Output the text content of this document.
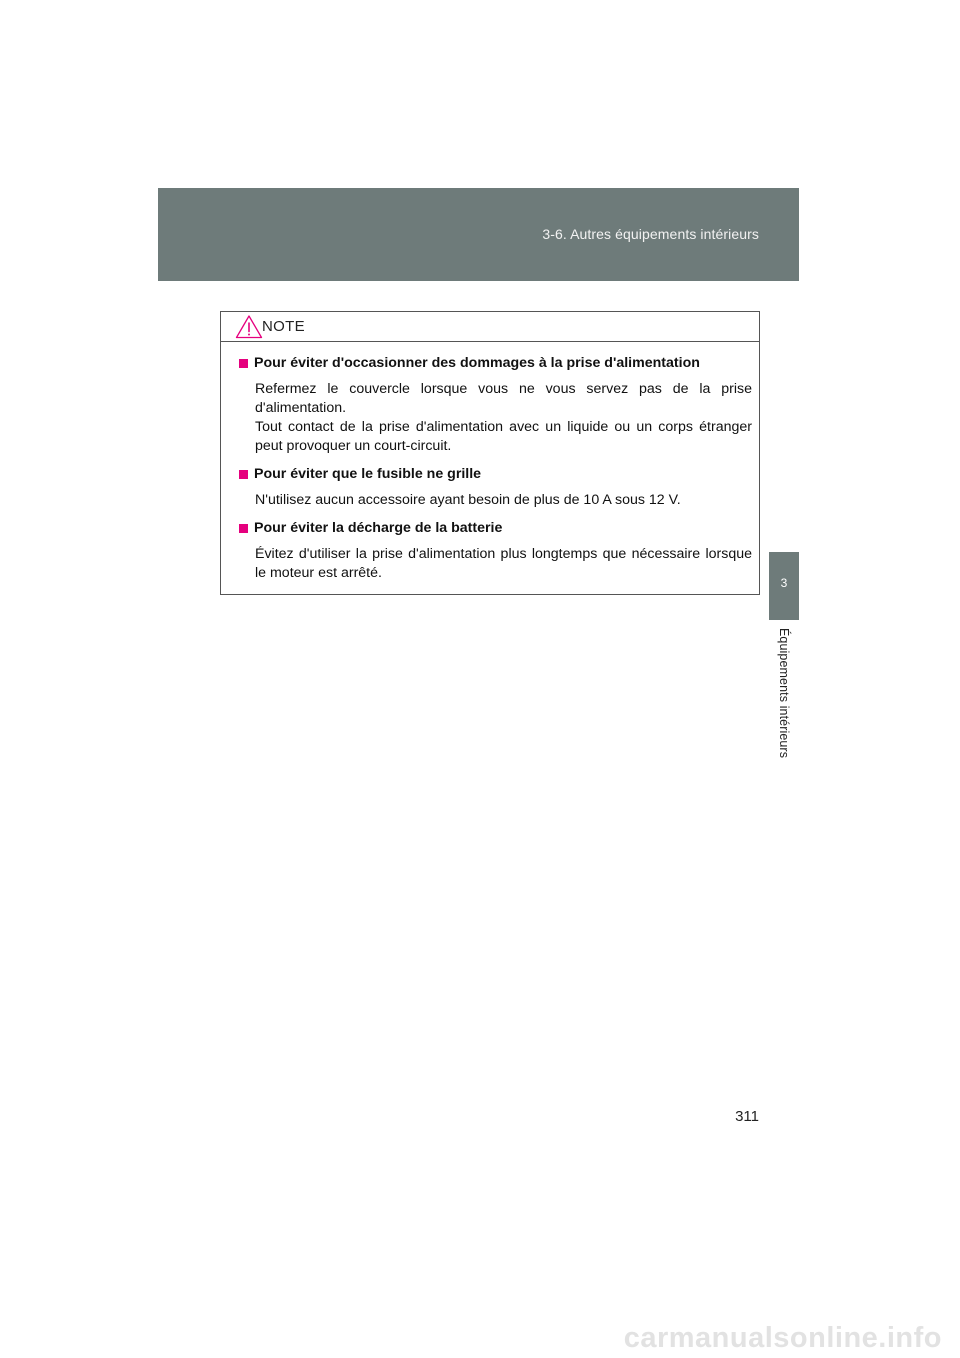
3-6. Autres équipements intérieurs
3
Équipements intérieurs
NOTE
Pour éviter d'occasionner des dommages à la prise d'alimentation

Refermez le couvercle lorsque vous ne vous servez pas de la prise d'alimentation.

Tout contact de la prise d'alimentation avec un liquide ou un corps étranger peut provoquer un court-circuit.

Pour éviter que le fusible ne grille

N'utilisez aucun accessoire ayant besoin de plus de 10 A sous 12 V.

Pour éviter la décharge de la batterie

Évitez d'utiliser la prise d'alimentation plus longtemps que nécessaire lorsque le moteur est arrêté.

311
carmanualsonline.info
